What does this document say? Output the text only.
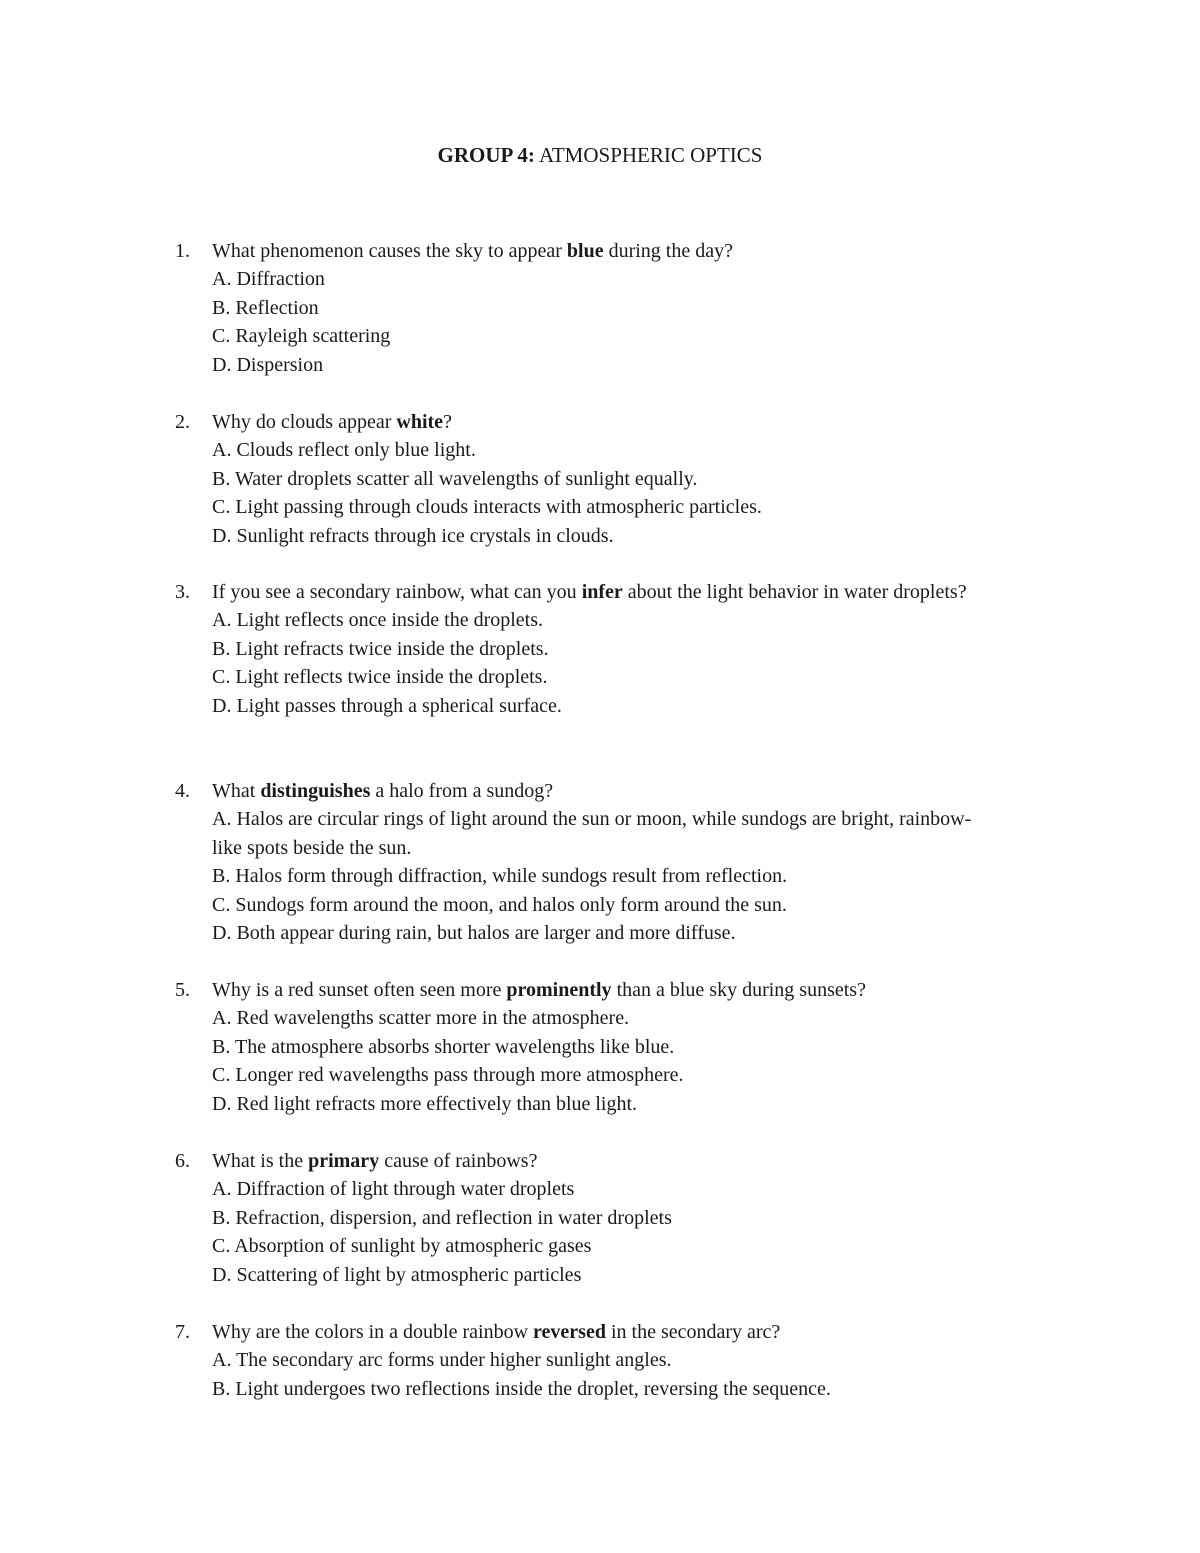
GROUP 4: ATMOSPHERIC OPTICS
1.	What phenomenon causes the sky to appear blue during the day?
A. Diffraction
B. Reflection
C. Rayleigh scattering
D. Dispersion
2.	Why do clouds appear white?
A. Clouds reflect only blue light.
B. Water droplets scatter all wavelengths of sunlight equally.
C. Light passing through clouds interacts with atmospheric particles.
D. Sunlight refracts through ice crystals in clouds.
3.	If you see a secondary rainbow, what can you infer about the light behavior in water droplets?
A. Light reflects once inside the droplets.
B. Light refracts twice inside the droplets.
C. Light reflects twice inside the droplets.
D. Light passes through a spherical surface.
4.	What distinguishes a halo from a sundog?
A. Halos are circular rings of light around the sun or moon, while sundogs are bright, rainbow-like spots beside the sun.
B. Halos form through diffraction, while sundogs result from reflection.
C. Sundogs form around the moon, and halos only form around the sun.
D. Both appear during rain, but halos are larger and more diffuse.
5.	Why is a red sunset often seen more prominently than a blue sky during sunsets?
A. Red wavelengths scatter more in the atmosphere.
B. The atmosphere absorbs shorter wavelengths like blue.
C. Longer red wavelengths pass through more atmosphere.
D. Red light refracts more effectively than blue light.
6.	What is the primary cause of rainbows?
A. Diffraction of light through water droplets
B. Refraction, dispersion, and reflection in water droplets
C. Absorption of sunlight by atmospheric gases
D. Scattering of light by atmospheric particles
7.	Why are the colors in a double rainbow reversed in the secondary arc?
A. The secondary arc forms under higher sunlight angles.
B. Light undergoes two reflections inside the droplet, reversing the sequence.
